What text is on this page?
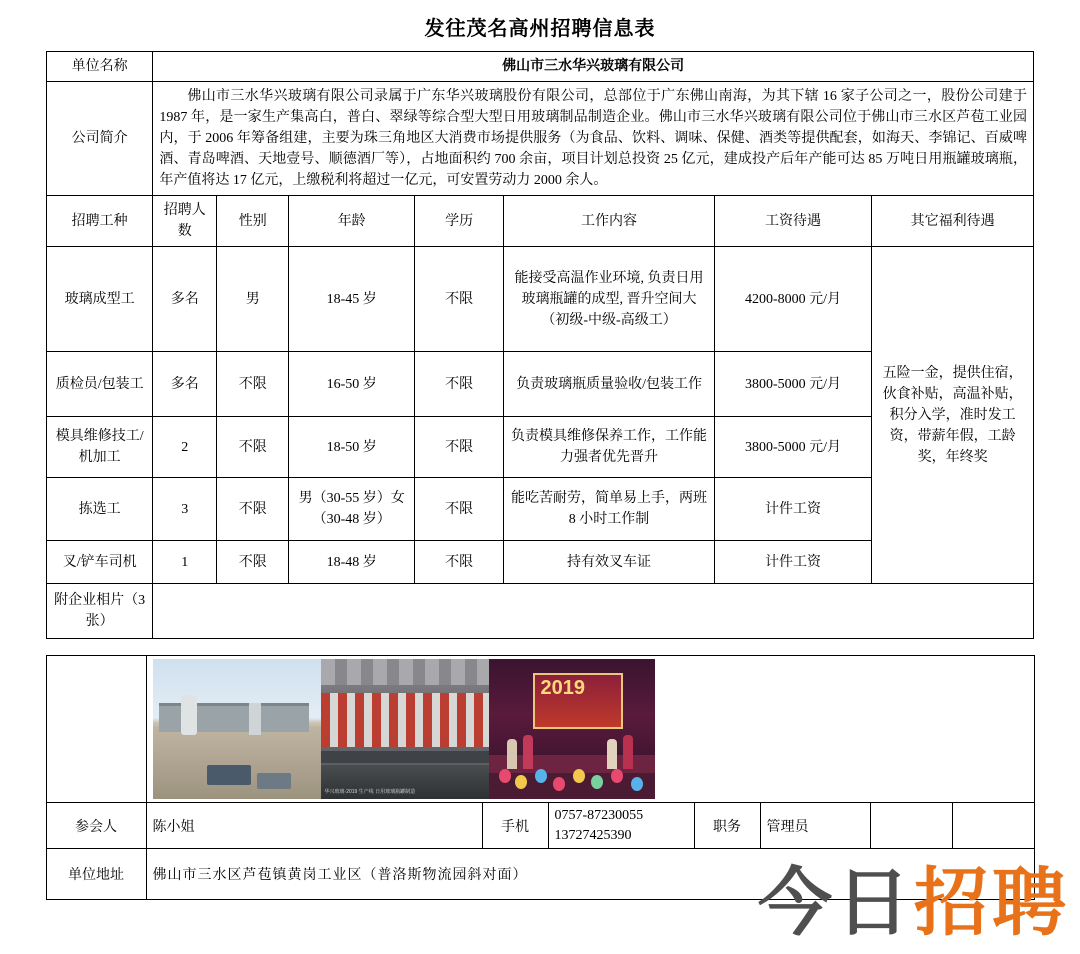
发往茂名高州招聘信息表
单位名称	佛山市三水华兴玻璃有限公司						
公司简介	佛山市三水华兴玻璃有限公司录属于广东华兴玻璃股份有限公司，总部位于广东佛山南海，为其下辖 16 家子公司之一，股份公司建于 1987 年，是一家生产集高白，普白、翠绿等综合型大型日用玻璃制品制造企业。佛山市三水华兴玻璃有限公司位于佛山市三水区芦苞工业园内，于 2006 年筹备组建，主要为珠三角地区大消费市场提供服务（为食品、饮料、调味、保健、酒类等提供配套，如海天、李锦记、百威啤酒、青岛啤酒、天地壹号、顺德酒厂等），占地面积约 700 余亩，项目计划总投资 25 亿元，建成投产后年产能可达 85 万吨日用瓶罐玻璃瓶，年产值将达 17 亿元，上缴税利将超过一亿元，可安置劳动力 2000 余人。						

招聘工种	招聘人数	性别	年龄	学历	工作内容	工资待遇	其它福利待遇
玻璃成型工	多名	男	18-45 岁	不限	能接受高温作业环境, 负责日用玻璃瓶罐的成型, 晋升空间大（初级-中级-高级工）	4200-8000 元/月	五险一金，提供住宿，伙食补贴，高温补贴，积分入学，准时发工资，带薪年假，工龄奖，年终奖
质检员/包装工	多名	不限	16-50 岁	不限	负责玻璃瓶质量验收/包装工作	3800-5000 元/月	
模具维修技工/机加工	2	不限	18-50 岁	不限	负责模具维修保养工作，工作能力强者优先晋升	3800-5000 元/月	
拣选工	3	不限	男（30-55 岁）女（30-48 岁）	不限	能吃苦耐劳，简单易上手，两班 8 小时工作制	计件工资	
叉/铲车司机	1	不限	18-48 岁	不限	持有效叉车证	计件工资	
附企业相片（3 张）							

	华兴玻璃·2019 生产线 日用玻璃瓶罐制造
2019						

参会人	陈小姐	手机	0757-87230055 13727425390	职务	管理员		
单位地址	佛山市三水区芦苞镇黄岗工业区（普洛斯物流园斜对面）							今日招聘
